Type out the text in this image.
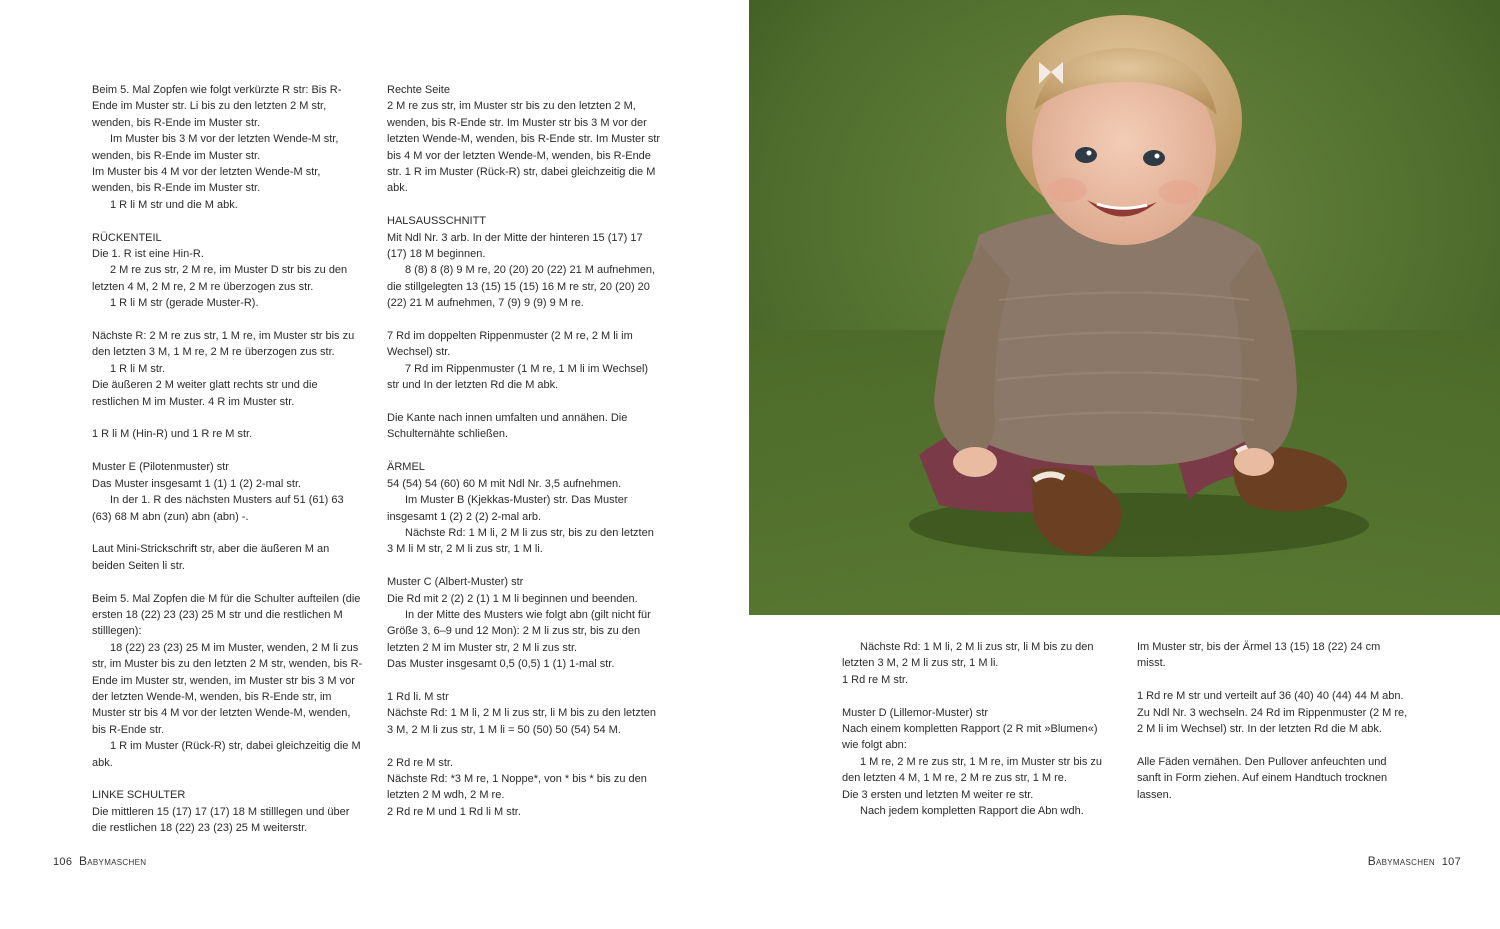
Beim 5. Mal Zopfen wie folgt verkürzte R str: Bis R-Ende im Muster str. Li bis zu den letzten 2 M str, wenden, bis R-Ende im Muster str.

Im Muster bis 3 M vor der letzten Wende-M str, wenden, bis R-Ende im Muster str.

Im Muster bis 4 M vor der letzten Wende-M str, wenden, bis R-Ende im Muster str.

1 R li M str und die M abk.

RÜCKENTEIL

Die 1. R ist eine Hin-R.

2 M re zus str, 2 M re, im Muster D str bis zu den letzten 4 M, 2 M re, 2 M re überzogen zus str.

1 R li M str (gerade Muster-R).

Nächste R: 2 M re zus str, 1 M re, im Muster str bis zu den letzten 3 M, 1 M re, 2 M re überzogen zus str.

1 R li M str.

Die äußeren 2 M weiter glatt rechts str und die restlichen M im Muster. 4 R im Muster str.

1 R li M (Hin-R) und 1 R re M str.

Muster E (Pilotenmuster) str

Das Muster insgesamt 1 (1) 1 (2) 2-mal str.

In der 1. R des nächsten Musters auf 51 (61) 63 (63) 68 M abn (zun) abn (abn) -.

Laut Mini-Strickschrift str, aber die äußeren M an beiden Seiten li str.

Beim 5. Mal Zopfen die M für die Schulter aufteilen (die ersten 18 (22) 23 (23) 25 M str und die restlichen M stilllegen):

18 (22) 23 (23) 25 M im Muster, wenden, 2 M li zus str, im Muster bis zu den letzten 2 M str, wenden, bis R-Ende im Muster str, wenden, im Muster str bis 3 M vor der letzten Wende-M, wenden, bis R-Ende str, im Muster str bis 4 M vor der letzten Wende-M, wenden, bis R-Ende str.

1 R im Muster (Rück-R) str, dabei gleichzeitig die M abk.

LINKE SCHULTER

Die mittleren 15 (17) 17 (17) 18 M stilllegen und über die restlichen 18 (22) 23 (23) 25 M weiterstr.

Rechte Seite

2 M re zus str, im Muster str bis zu den letzten 2 M, wenden, bis R-Ende str. Im Muster str bis 3 M vor der letzten Wende-M, wenden, bis R-Ende str. Im Muster str bis 4 M vor der letzten Wende-M, wenden, bis R-Ende str. 1 R im Muster (Rück-R) str, dabei gleichzeitig die M abk.

HALSAUSSCHNITT

Mit Ndl Nr. 3 arb. In der Mitte der hinteren 15 (17) 17 (17) 18 M beginnen.

8 (8) 8 (8) 9 M re, 20 (20) 20 (22) 21 M aufnehmen, die stillgelegten 13 (15) 15 (15) 16 M re str, 20 (20) 20 (22) 21 M aufnehmen, 7 (9) 9 (9) 9 M re.

7 Rd im doppelten Rippenmuster (2 M re, 2 M li im Wechsel) str.

7 Rd im Rippenmuster (1 M re, 1 M li im Wechsel) str und In der letzten Rd die M abk.

Die Kante nach innen umfalten und annähen. Die Schulternähte schließen.

ÄRMEL

54 (54) 54 (60) 60 M mit Ndl Nr. 3,5 aufnehmen.

Im Muster B (Kjekkas-Muster) str. Das Muster insgesamt 1 (2) 2 (2) 2-mal arb.

Nächste Rd: 1 M li, 2 M li zus str, bis zu den letzten 3 M li M str, 2 M li zus str, 1 M li.

Muster C (Albert-Muster) str

Die Rd mit 2 (2) 2 (1) 1 M li beginnen und beenden.

In der Mitte des Musters wie folgt abn (gilt nicht für Größe 3, 6–9 und 12 Mon): 2 M li zus str, bis zu den letzten 2 M im Muster str, 2 M li zus str.

Das Muster insgesamt 0,5 (0,5) 1 (1) 1-mal str.

1 Rd li. M str

Nächste Rd: 1 M li, 2 M li zus str, li M bis zu den letzten 3 M, 2 M li zus str, 1 M li = 50 (50) 50 (54) 54 M.

2 Rd re M str.

Nächste Rd: *3 M re, 1 Noppe*, von * bis * bis zu den letzten 2 M wdh, 2 M re.

2 Rd re M und 1 Rd li M str.

Nächste Rd: 1 M li, 2 M li zus str, li M bis zu den letzten 3 M, 2 M li zus str, 1 M li.

1 Rd re M str.

Muster D (Lillemor-Muster) str

Nach einem kompletten Rapport (2 R mit »Blumen«) wie folgt abn:

1 M re, 2 M re zus str, 1 M re, im Muster str bis zu den letzten 4 M, 1 M re, 2 M re zus str, 1 M re.

Die 3 ersten und letzten M weiter re str.

Nach jedem kompletten Rapport die Abn wdh.

Im Muster str, bis der Ärmel 13 (15) 18 (22) 24 cm misst.

1 Rd re M str und verteilt auf 36 (40) 40 (44) 44 M abn. Zu Ndl Nr. 3 wechseln. 24 Rd im Rippenmuster (2 M re, 2 M li im Wechsel) str. In der letzten Rd die M abk.

Alle Fäden vernähen. Den Pullover anfeuchten und sanft in Form ziehen. Auf einem Handtuch trocknen lassen.

106 Babymaschen	Babymaschen 107
